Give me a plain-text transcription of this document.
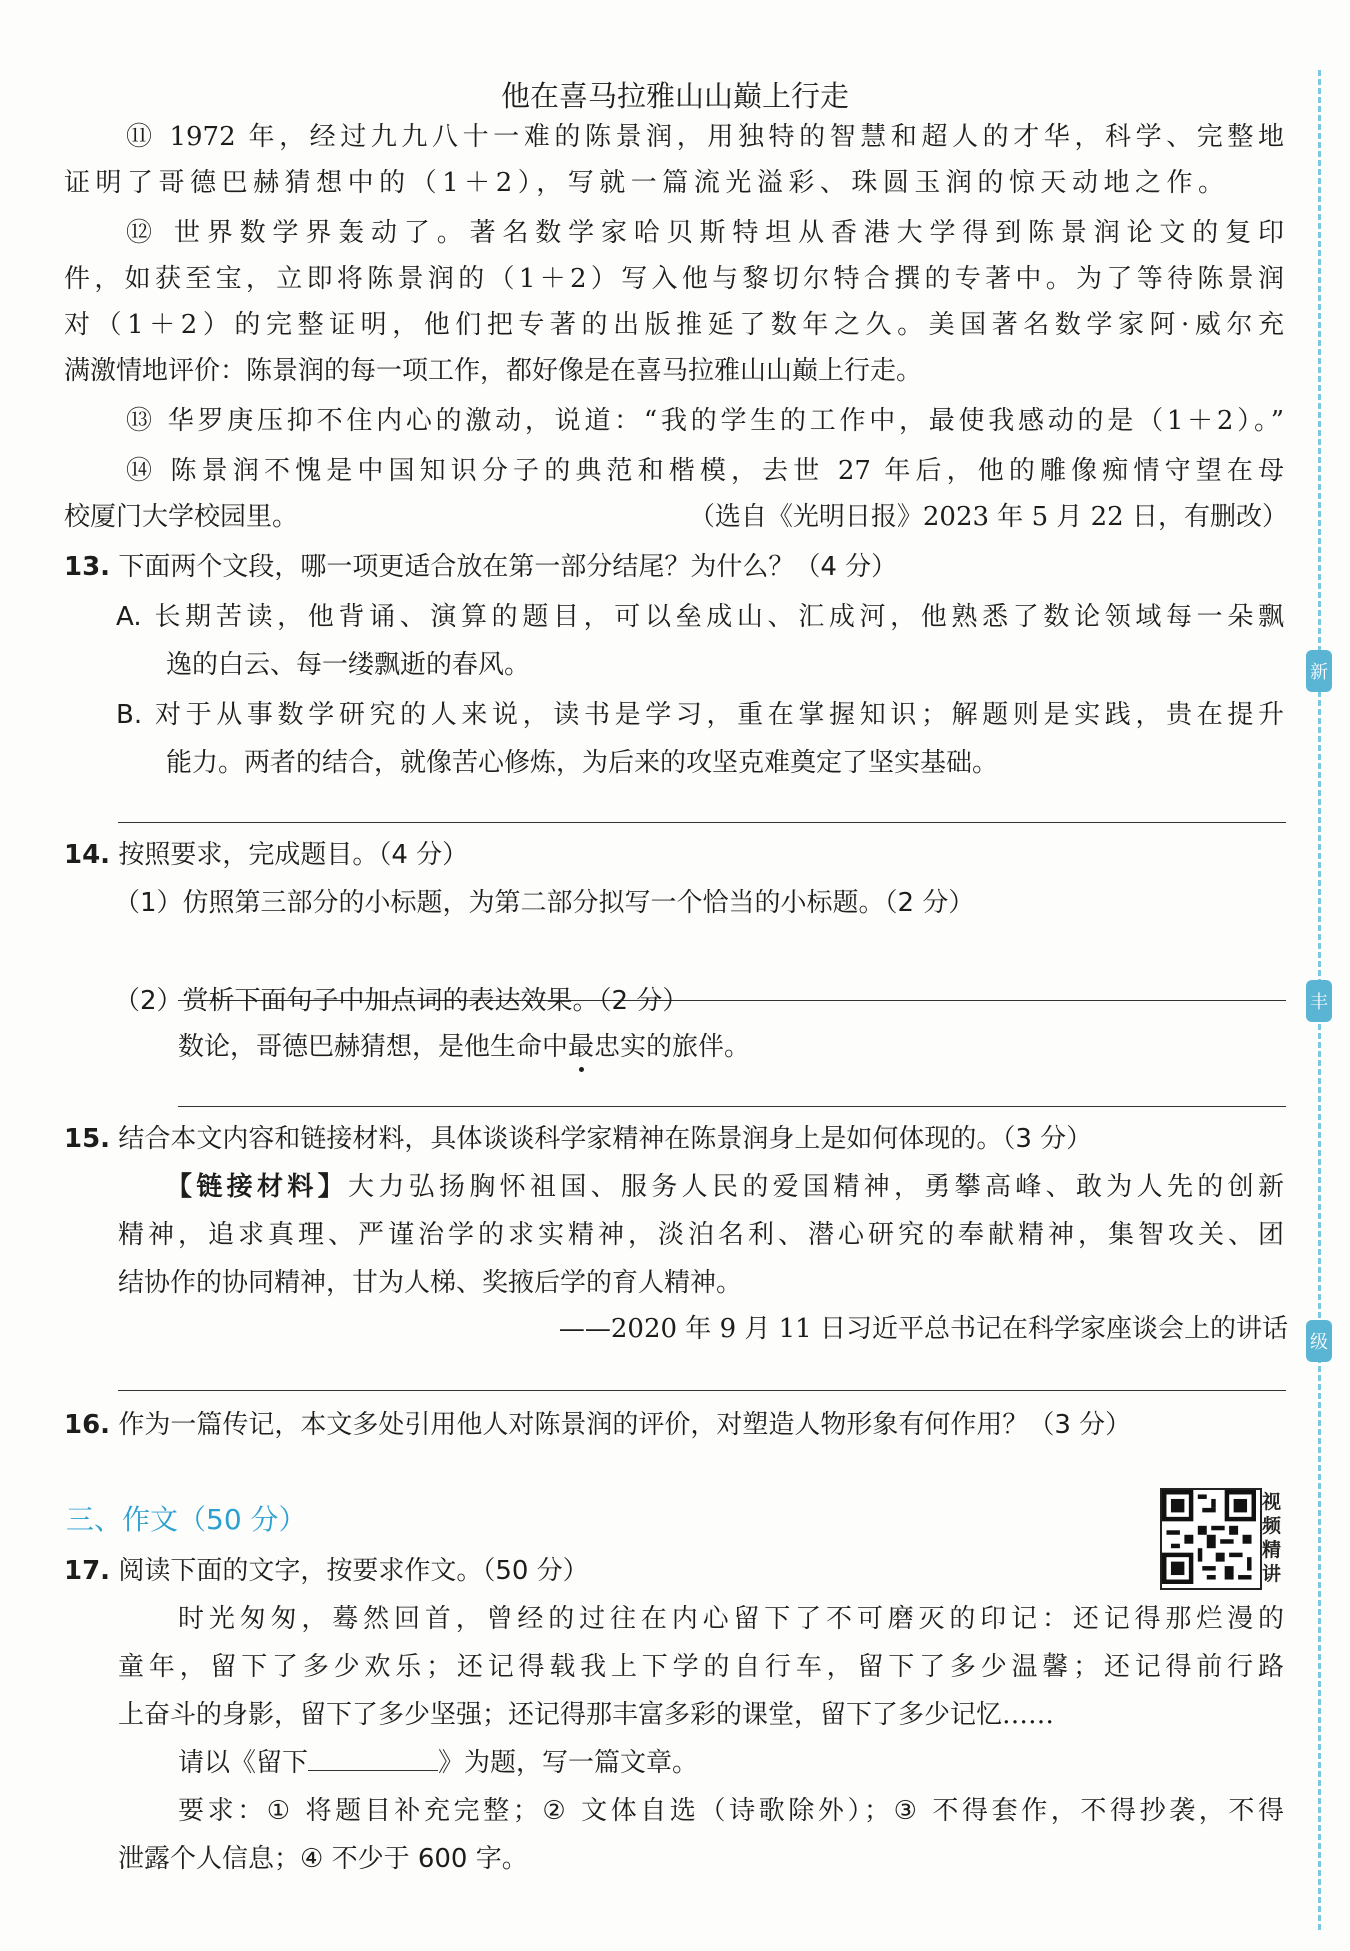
新
丰
级
他在喜马拉雅山山巅上行走
⑪ 1972 年，经过九九八十一难的陈景润，用独特的智慧和超人的才华，科学、完整地
证明了哥德巴赫猜想中的（1＋2），写就一篇流光溢彩、珠圆玉润的惊天动地之作。
⑫ 世界数学界轰动了。著名数学家哈贝斯特坦从香港大学得到陈景润论文的复印
件，如获至宝，立即将陈景润的（1＋2）写入他与黎切尔特合撰的专著中。为了等待陈景润
对（1＋2）的完整证明，他们把专著的出版推延了数年之久。美国著名数学家阿·威尔充
满激情地评价：陈景润的每一项工作，都好像是在喜马拉雅山山巅上行走。
⑬ 华罗庚压抑不住内心的激动，说道：“我的学生的工作中，最使我感动的是（1＋2）。”
⑭ 陈景润不愧是中国知识分子的典范和楷模，去世 27 年后，他的雕像痴情守望在母
校厦门大学校园里。	（选自《光明日报》2023 年 5 月 22 日，有删改）
13. 下面两个文段，哪一项更适合放在第一部分结尾？为什么？（4 分）
A. 长期苦读，他背诵、演算的题目，可以垒成山、汇成河，他熟悉了数论领域每一朵飘
逸的白云、每一缕飘逝的春风。
B. 对于从事数学研究的人来说，读书是学习，重在掌握知识；解题则是实践，贵在提升
能力。两者的结合，就像苦心修炼，为后来的攻坚克难奠定了坚实基础。
14. 按照要求，完成题目。（4 分）
（1）仿照第三部分的小标题，为第二部分拟写一个恰当的小标题。（2 分）
（2）赏析下面句子中加点词的表达效果。（2 分）
数论，哥德巴赫猜想，是他生命中最忠实的旅伴。
15. 结合本文内容和链接材料，具体谈谈科学家精神在陈景润身上是如何体现的。（3 分）
【链接材料】大力弘扬胸怀祖国、服务人民的爱国精神，勇攀高峰、敢为人先的创新
精神，追求真理、严谨治学的求实精神，淡泊名利、潜心研究的奉献精神，集智攻关、团
结协作的协同精神，甘为人梯、奖掖后学的育人精神。
——2020 年 9 月 11 日习近平总书记在科学家座谈会上的讲话
16. 作为一篇传记，本文多处引用他人对陈景润的评价，对塑造人物形象有何作用？（3 分）
三、作文（50 分）
视频精讲
17. 阅读下面的文字，按要求作文。（50 分）
时光匆匆，蓦然回首，曾经的过往在内心留下了不可磨灭的印记：还记得那烂漫的
童年，留下了多少欢乐；还记得载我上下学的自行车，留下了多少温馨；还记得前行路
上奋斗的身影，留下了多少坚强；还记得那丰富多彩的课堂，留下了多少记忆……
请以《留下	》为题，写一篇文章。
要求：① 将题目补充完整；② 文体自选（诗歌除外）；③ 不得套作，不得抄袭，不得
泄露个人信息；④ 不少于 600 字。
